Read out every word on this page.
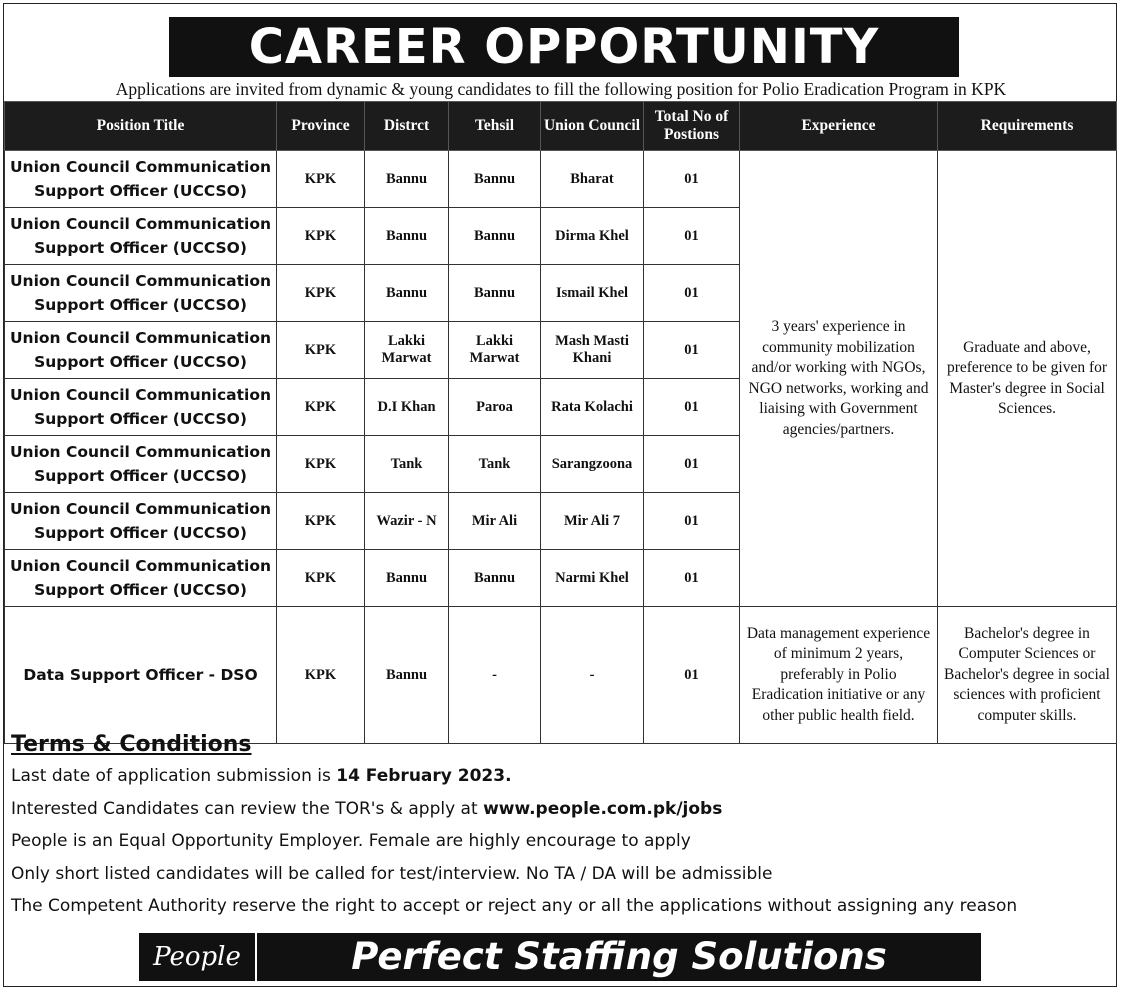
CAREER OPPORTUNITY
Applications are invited from dynamic & young candidates to fill the following position for Polio Eradication Program in KPK
Position Title	Province	Distrct	Tehsil	Union Council	Total No of Postions	Experience	Requirements
Union Council Communication Support Officer (UCCSO)	KPK	Bannu	Bannu	Bharat	01	3 years' experience in community mobilization and/or working with NGOs, NGO networks, working and liaising with Government agencies/partners.	Graduate and above, preference to be given for Master's degree in Social Sciences.
Union Council Communication Support Officer (UCCSO)	KPK	Bannu	Bannu	Dirma Khel	01		
Union Council Communication Support Officer (UCCSO)	KPK	Bannu	Bannu	Ismail Khel	01		
Union Council Communication Support Officer (UCCSO)	KPK	Lakki Marwat	Lakki Marwat	Mash Masti Khani	01		
Union Council Communication Support Officer (UCCSO)	KPK	D.I Khan	Paroa	Rata Kolachi	01		
Union Council Communication Support Officer (UCCSO)	KPK	Tank	Tank	Sarangzoona	01		
Union Council Communication Support Officer (UCCSO)	KPK	Wazir - N	Mir Ali	Mir Ali 7	01		
Union Council Communication Support Officer (UCCSO)	KPK	Bannu	Bannu	Narmi Khel	01		
Data Support Officer - DSO	KPK	Bannu	-	-	01	Data management experience of minimum 2 years, preferably in Polio Eradication initiative or any other public health field.	Bachelor's degree in Computer Sciences or Bachelor's degree in social sciences with proficient computer skills.
Terms & Conditions

Last date of application submission is 14 February 2023.

Interested Candidates can review the TOR's & apply at www.people.com.pk/jobs

People is an Equal Opportunity Employer. Female are highly encourage to apply

Only short listed candidates will be called for test/interview. No TA / DA will be admissible

The Competent Authority reserve the right to accept or reject any or all the applications without assigning any reason

People	Perfect Staffing Solutions
